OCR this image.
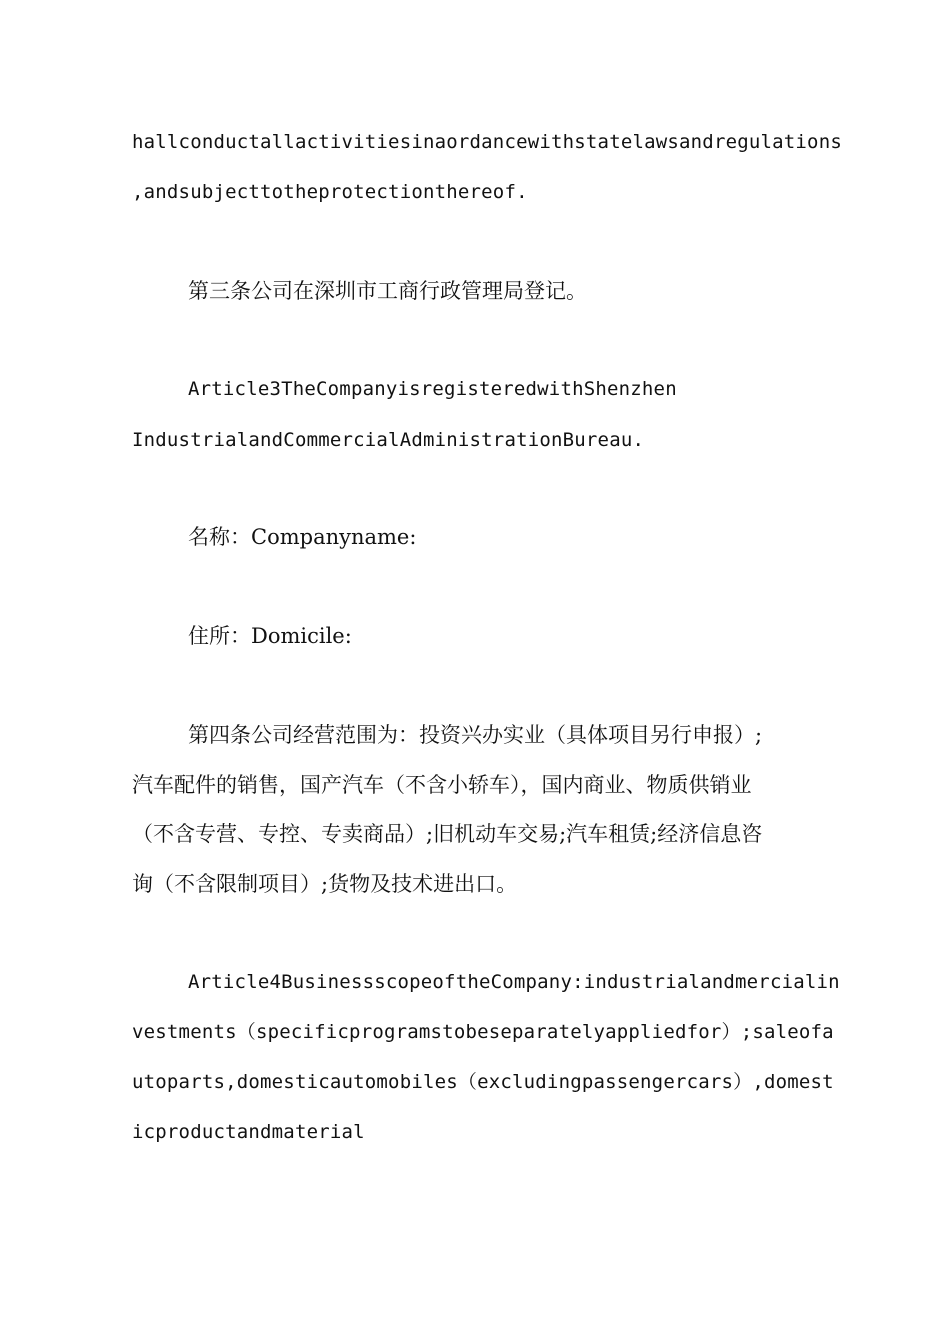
hallconductallactivitiesinaordancewithstatelawsandregulations
,andsubjecttotheprotectionthereof.
第三条公司在深圳市工商行政管理局登记。
Article3TheCompanyisregisteredwithShenzhen
IndustrialandCommercialAdministrationBureau.
名称：Companyname:
住所：Domicile:
第四条公司经营范围为：投资兴办实业（具体项目另行申报）;
汽车配件的销售，国产汽车（不含小轿车），国内商业、物质供销业
（不含专营、专控、专卖商品）;旧机动车交易;汽车租赁;经济信息咨
询（不含限制项目）;货物及技术进出口。
Article4BusinessscopeoftheCompany:industrialandmercialin
vestments（specificprogramstobeseparatelyappliedfor）;saleofa
utoparts,domesticautomobiles（excludingpassengercars）,domest
icproductandmaterial
